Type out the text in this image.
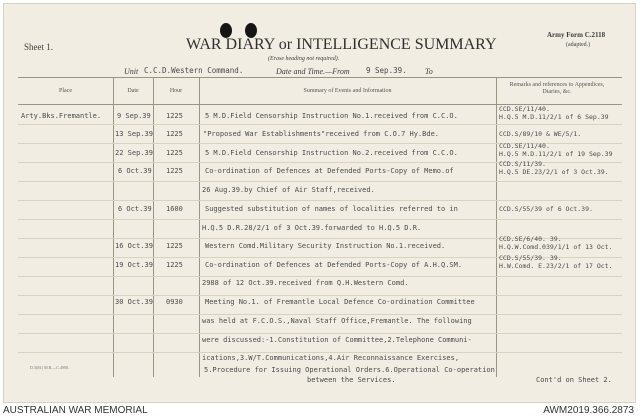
Sheet 1.	WAR DIARY or INTELLIGENCE SUMMARY
(Erase heading not required).
Army Form C.2118
(adapted.)
Unit C.C.D.Western Command.	Date and Time.—From 9 Sep.39. To
Place	Date	Hour	Summary of Events and Information
Remarks and references to Appendices, Diaries, &c.
Arty.Bks.Fremantle. 9 Sep.39 1225	5 M.D.Field Censorship Instruction No.1.received from C.C.O.
CCD.SE/11/40.
H.Q.5 M.D.11/2/1 of 6 Sep.39
13 Sep.39 1225	"Proposed War Establishments"received from C.O.7 Hy.Bde.	CCD.S/89/10 & WE/5/1.
22 Sep.39 1225	5 M.D.Field Censorship Instruction No.2.received from C.C.O.
CCD.SE/11/40.
H.Q.5 M.D.11/2/1 of 19 Sep.39
6 Oct.39 1225	Co-ordination of Defences at Defended Ports-Copy of Memo.of
CCD.S/11/39.
H.Q.5 DE.23/2/1 of 3 Oct.39.
26 Aug.39.by Chief of Air Staff,received.
6 Oct.39 1600	Suggested substitution of names of localities referred to in	CCD.S/55/39 of 6 Oct.39.
H.Q.5 D.R.28/2/1 of 3 Oct.39.forwarded to H.Q.5 D.R.
16 Oct.39 1225	Western Comd.Military Security Instruction No.1.received.
CCD.SE/6/40. 39.
H.Q.W.Comd.039/1/1 of 13 Oct.
19 Oct.39 1225	Co-ordination of Defences at Defended Ports-Copy of A.H.Q.SM.
CCD.S/55/39. 39.
H.W.Comd. E.23/2/1 of 17 Oct.
2988 of 12 Oct.39.received from Q.H.Western Comd.
30 Oct.39 0930	Meeting No.1. of Fremantle Local Defence Co-ordination Committee
was held at F.C.O.S.,Naval Staff Office,Fremantle. The following
were discussed:-1.Constitution of Committee,2.Telephone Communi-
ications,3.W/T.Communications,4.Air Reconnaissance Exercises,
5.Procedure for Issuing Operational Orders.6.Operational Co-operation
between the Services.	Cont'd on Sheet 2.
D.3(M.) M.B.—C.4900.
AUSTRALIAN WAR MEMORIAL	AWM2019.366.2873
